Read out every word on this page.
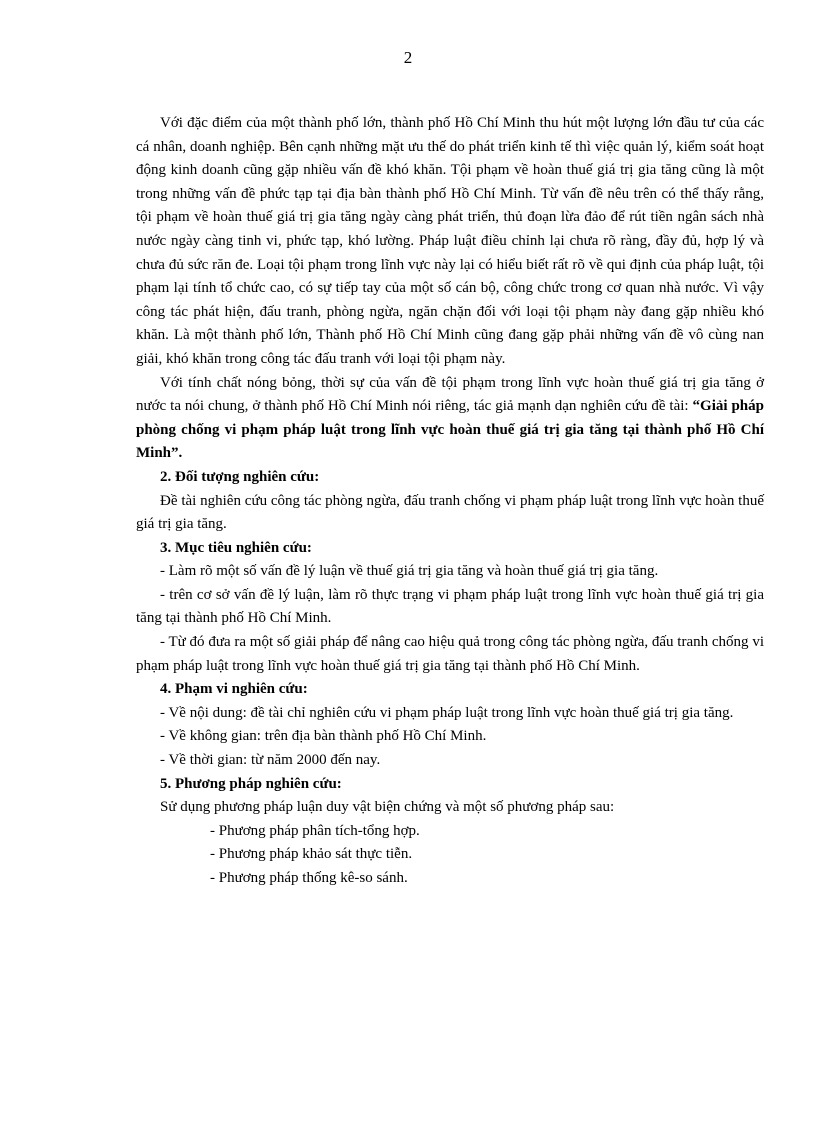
2

Với đặc điểm của một thành phố lớn, thành phố Hồ Chí Minh thu hút một lượng lớn đầu tư của các cá nhân, doanh nghiệp. Bên cạnh những mặt ưu thế do phát triển kinh tế thì việc quản lý, kiểm soát hoạt động kinh doanh cũng gặp nhiều vấn đề khó khăn. Tội phạm về hoàn thuế giá trị gia tăng cũng là một trong những vấn đề phức tạp tại địa bàn thành phố Hồ Chí Minh. Từ vấn đề nêu trên có thể thấy rằng, tội phạm về hoàn thuế giá trị gia tăng ngày càng phát triển, thủ đoạn lừa đảo để rút tiền ngân sách nhà nước ngày càng tinh vi, phức tạp, khó lường. Pháp luật điều chỉnh lại chưa rõ ràng, đầy đủ, hợp lý và chưa đủ sức răn đe. Loại tội phạm trong lĩnh vực này lại có hiểu biết rất rõ về qui định của pháp luật, tội phạm lại tính tổ chức cao, có sự tiếp tay của một số cán bộ, công chức trong cơ quan nhà nước. Vì vậy công tác phát hiện, đấu tranh, phòng ngừa, ngăn chặn đối với loại tội phạm này đang gặp nhiều khó khăn. Là một thành phố lớn, Thành phố Hồ Chí Minh cũng đang gặp phải những vấn đề vô cùng nan giải, khó khăn trong công tác đấu tranh với loại tội phạm này.

Với tính chất nóng bỏng, thời sự của vấn đề tội phạm trong lĩnh vực hoàn thuế giá trị gia tăng ở nước ta nói chung, ở thành phố Hồ Chí Minh nói riêng, tác giả mạnh dạn nghiên cứu đề tài: “Giải pháp phòng chống vi phạm pháp luật trong lĩnh vực hoàn thuế giá trị gia tăng tại thành phố Hồ Chí Minh”.

2. Đối tượng nghiên cứu:

Đề tài nghiên cứu công tác phòng ngừa, đấu tranh chống vi phạm pháp luật trong lĩnh vực hoàn thuế giá trị gia tăng.

3. Mục tiêu nghiên cứu:

- Làm rõ một số vấn đề lý luận về thuế giá trị gia tăng và hoàn thuế giá trị gia tăng.

- trên cơ sở vấn đề lý luận, làm rõ thực trạng vi phạm pháp luật trong lĩnh vực hoàn thuế giá trị gia tăng tại thành phố Hồ Chí Minh.

- Từ đó đưa ra một số giải pháp để nâng cao hiệu quả trong công tác phòng ngừa, đấu tranh chống vi phạm pháp luật trong lĩnh vực hoàn thuế giá trị gia tăng tại thành phố Hồ Chí Minh.

4. Phạm vi nghiên cứu:

- Về nội dung: đề tài chỉ nghiên cứu vi phạm pháp luật trong lĩnh vực hoàn thuế giá trị gia tăng.

- Về không gian: trên địa bàn thành phố Hồ Chí Minh.

- Về thời gian: từ năm 2000 đến nay.

5. Phương pháp nghiên cứu:

Sử dụng phương pháp luận duy vật biện chứng và một số phương pháp sau:

- Phương pháp phân tích-tổng hợp.

- Phương pháp khảo sát thực tiễn.

- Phương pháp thống kê-so sánh.
